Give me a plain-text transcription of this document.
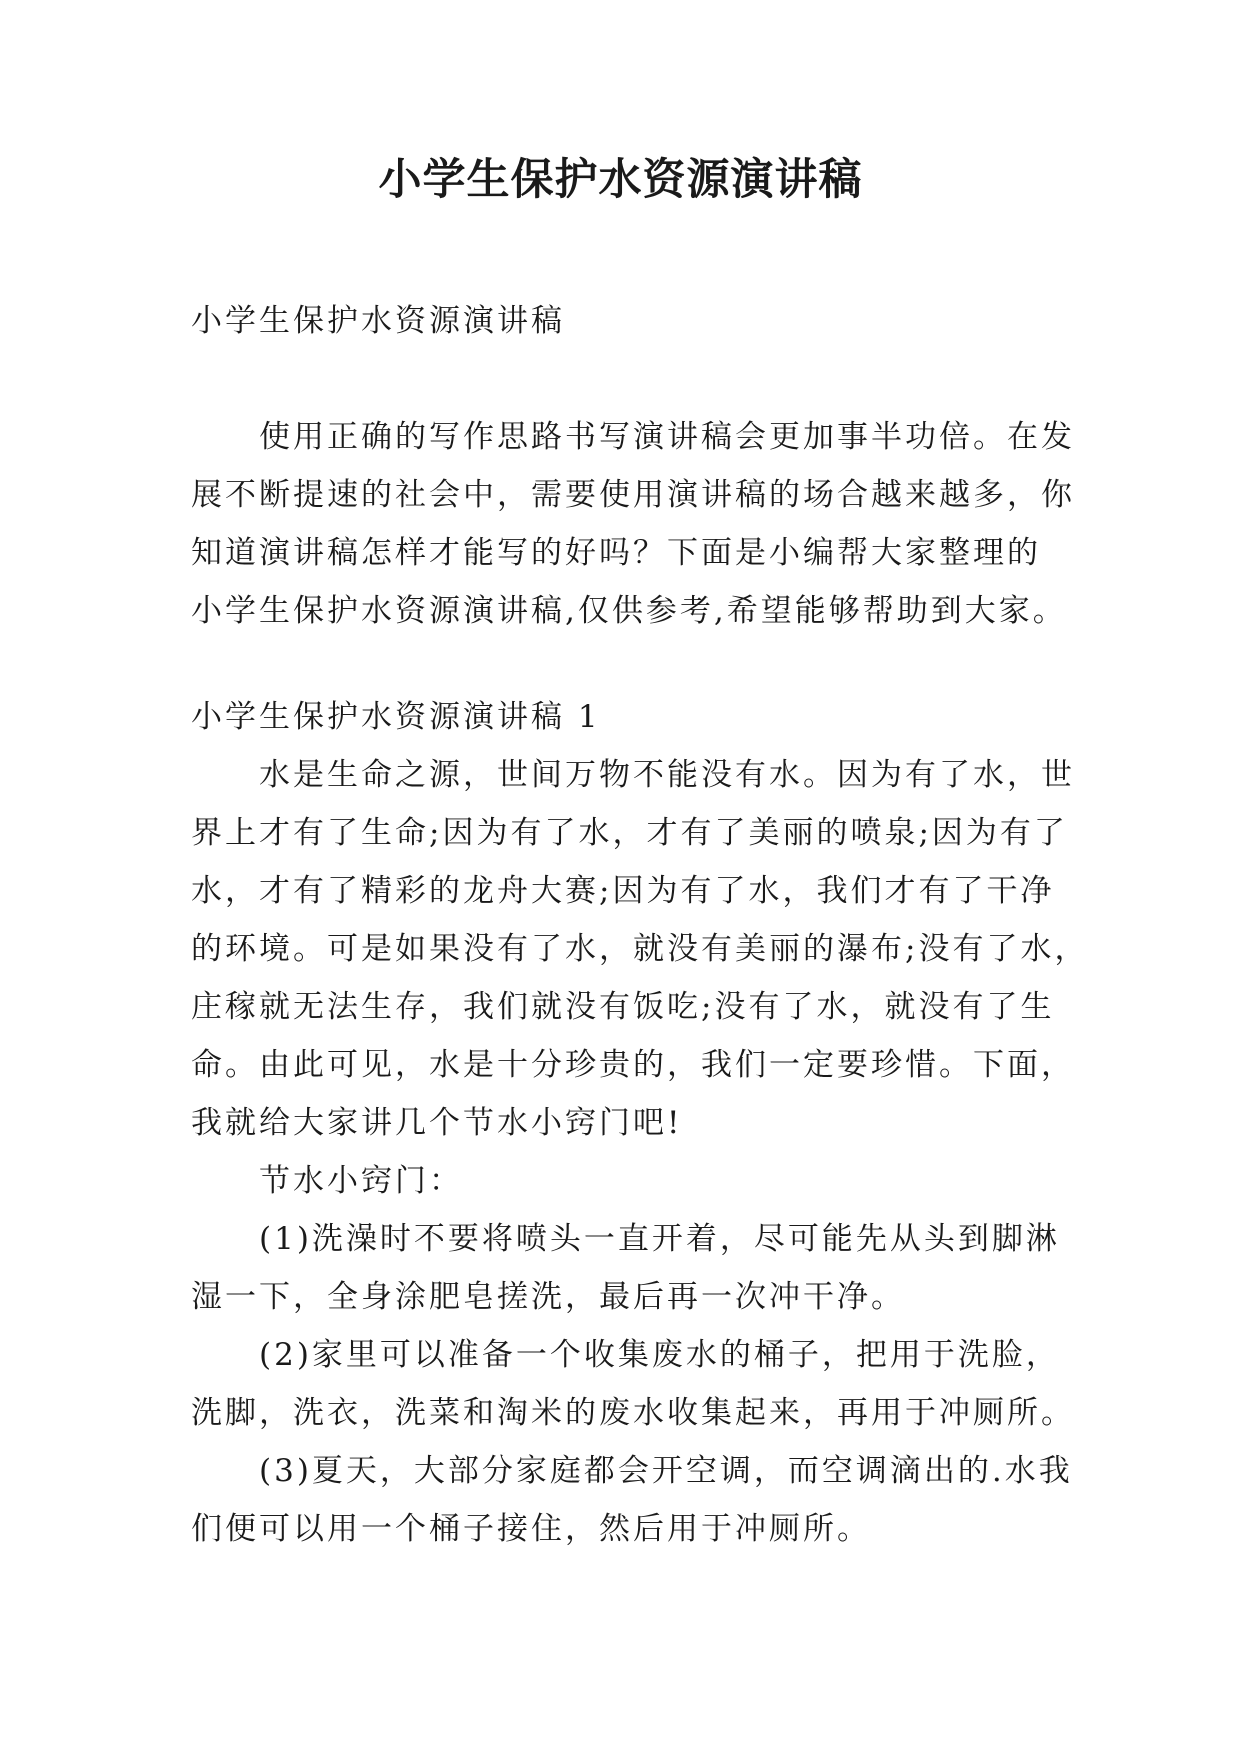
小学生保护水资源演讲稿

小学生保护水资源演讲稿

使用正确的写作思路书写演讲稿会更加事半功倍。在发

展不断提速的社会中，需要使用演讲稿的场合越来越多，你

知道演讲稿怎样才能写的好吗？下面是小编帮大家整理的

小学生保护水资源演讲稿,仅供参考,希望能够帮助到大家。

小学生保护水资源演讲稿 1

水是生命之源，世间万物不能没有水。因为有了水，世

界上才有了生命;因为有了水，才有了美丽的喷泉;因为有了

水，才有了精彩的龙舟大赛;因为有了水，我们才有了干净

的环境。可是如果没有了水，就没有美丽的瀑布;没有了水，

庄稼就无法生存，我们就没有饭吃;没有了水，就没有了生

命。由此可见，水是十分珍贵的，我们一定要珍惜。下面，

我就给大家讲几个节水小窍门吧!

节水小窍门：

(1)洗澡时不要将喷头一直开着，尽可能先从头到脚淋

湿一下，全身涂肥皂搓洗，最后再一次冲干净。

(2)家里可以准备一个收集废水的桶子，把用于洗脸，

洗脚，洗衣，洗菜和淘米的废水收集起来，再用于冲厕所。

(3)夏天，大部分家庭都会开空调，而空调滴出的.水我

们便可以用一个桶子接住，然后用于冲厕所。
